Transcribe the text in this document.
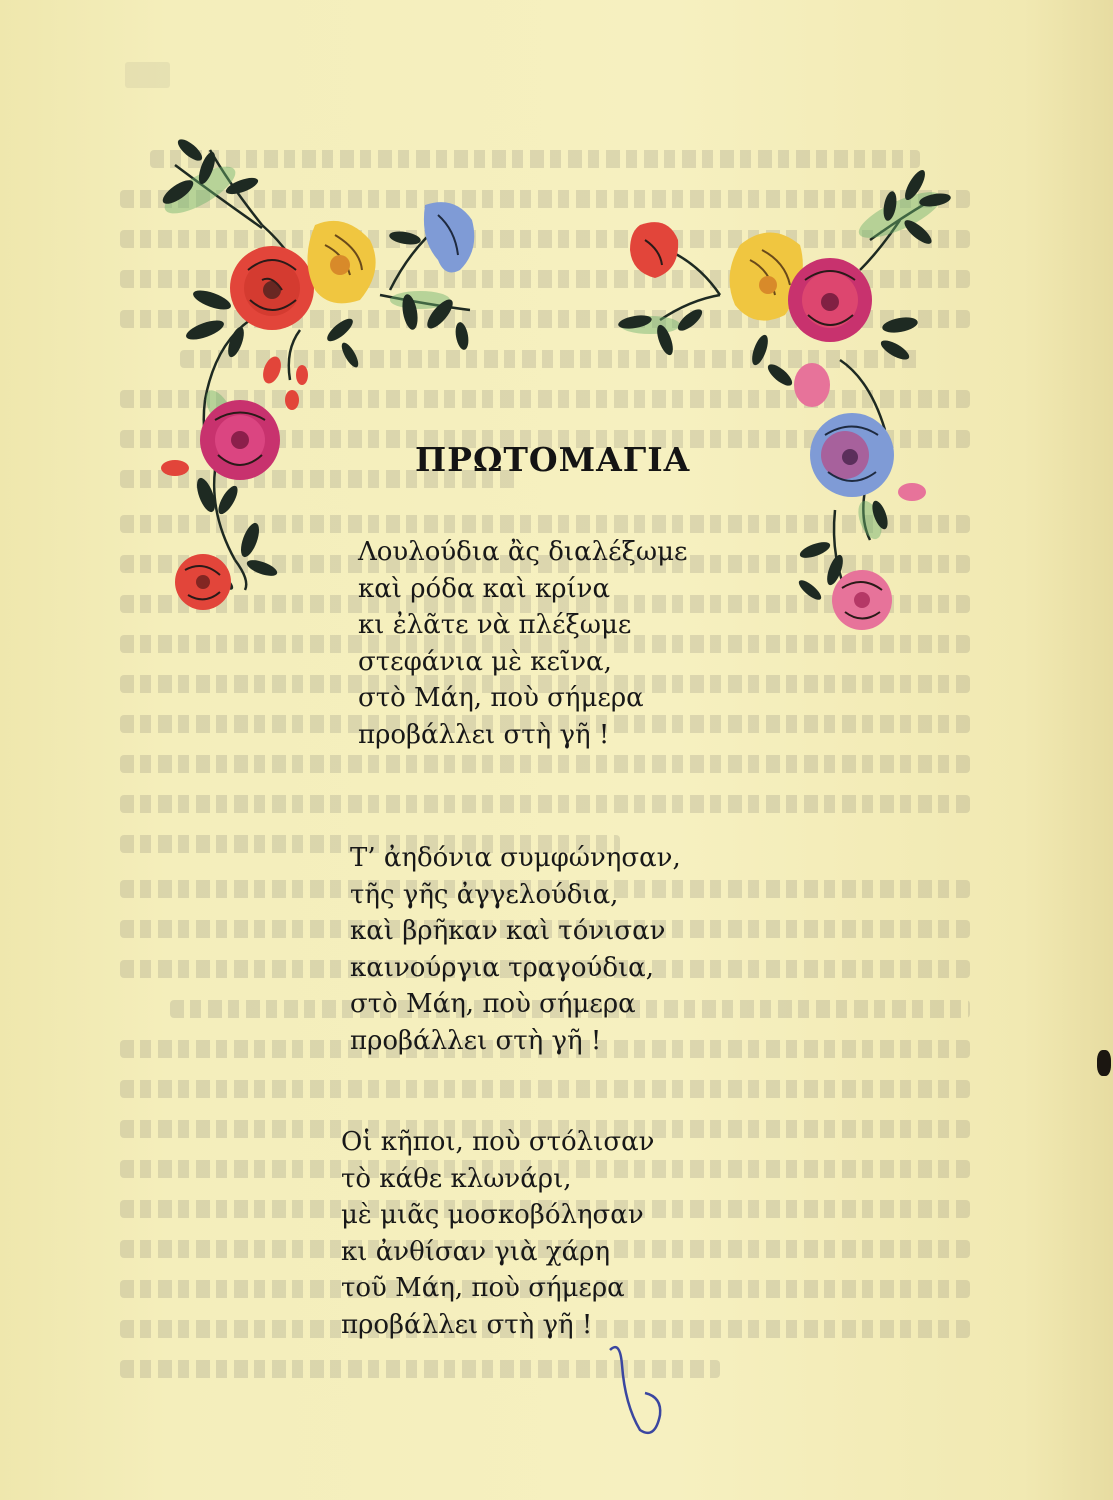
ΠΡΩΤΟΜΑΓΙΑ
Λουλούδια ἂς διαλέξωμε
καὶ ρόδα καὶ κρίνα
κι ἐλᾶτε νὰ πλέξωμε
στεφάνια μὲ κεῖνα,
στὸ Μάη, ποὺ σήμερα
προβάλλει στὴ γῆ !
Τ’ ἀηδόνια συμφώνησαν,
τῆς γῆς ἀγγελούδια,
καὶ βρῆκαν καὶ τόνισαν
καινούργια τραγούδια,
στὸ Μάη, ποὺ σήμερα
προβάλλει στὴ γῆ !
Οἱ κῆποι, ποὺ στόλισαν
τὸ κάθε κλωνάρι,
μὲ μιᾶς μοσκοβόλησαν
κι ἀνθίσαν γιὰ χάρη
τοῦ Μάη, ποὺ σήμερα
προβάλλει στὴ γῆ !
